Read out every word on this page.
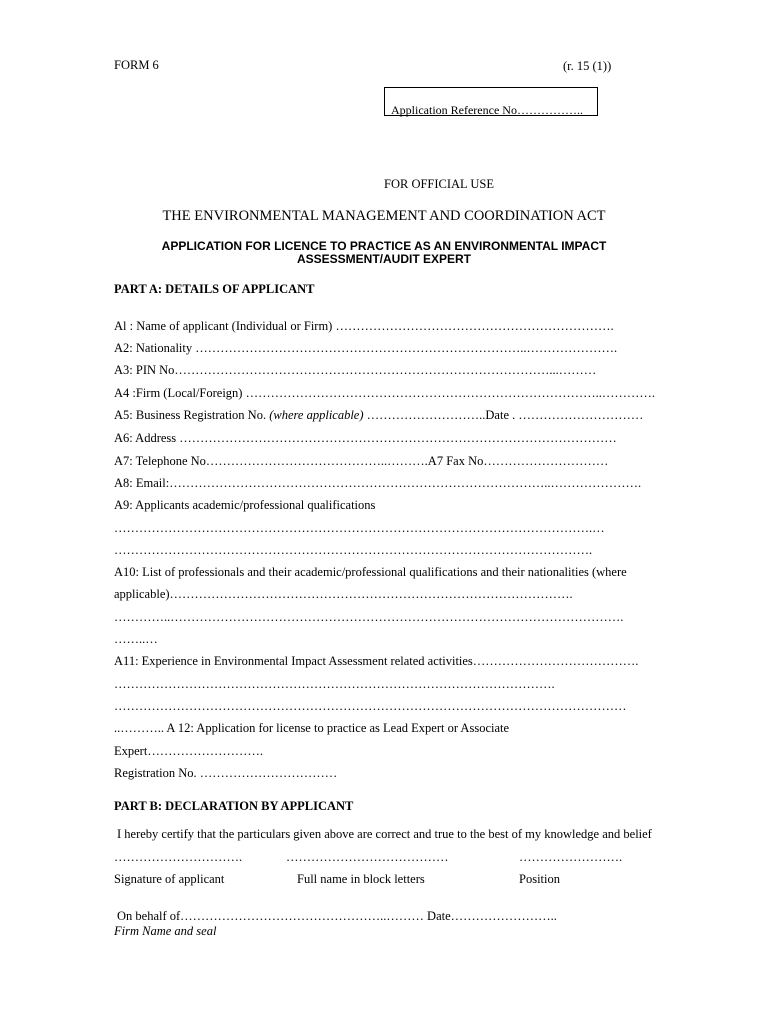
FORM 6	(r. 15 (1))
Application Reference No……………..
FOR OFFICIAL USE
THE ENVIRONMENTAL MANAGEMENT AND COORDINATION ACT
APPLICATION FOR LICENCE TO PRACTICE AS AN ENVIRONMENTAL IMPACT
ASSESSMENT/AUDIT EXPERT
PART A: DETAILS OF APPLICANT
Al : Name of applicant (Individual or Firm) ………………………………………………………….
A2: Nationality ……………………………………………………………………..………………….
A3: PIN No………………………………………………………………………………...………
A4 :Firm (Local/Foreign) …………………………………………………………………………..………….
A5: Business Registration No. (where applicable) ………………………..Date . …………………………
A6: Address ……………………………………………………………………………………………
A7: Telephone No……………………………………..……….A7 Fax No…………………………
A8: Email:………………………………………………………………………………..………………….
A9: Applicants academic/professional qualifications
…………………………………………………………………………………………………….…
…………………………………………………………………………………………………….
A10: List of professionals and their academic/professional qualifications and their nationalities (where
applicable)…………………………………………………………………………………….
…………..……………………………………………………………………………………………….
……..…
A11: Experience in Environmental Impact Assessment related activities………………………………….
…………………………………………………………………………………………….
……………………………………………………………………………………………………………
..……….. A 12: Application for license to practice as Lead Expert or Associate
Expert……………………….
Registration No. ……………………………
PART B: DECLARATION BY APPLICANT
I hereby certify that the particulars given above are correct and true to the best of my knowledge and belief
………………………….	…………………………………	…………………….
Signature of applicant	Full name in block letters	Position
On behalf of…………………………………………..……… Date……………………..
Firm Name and seal
